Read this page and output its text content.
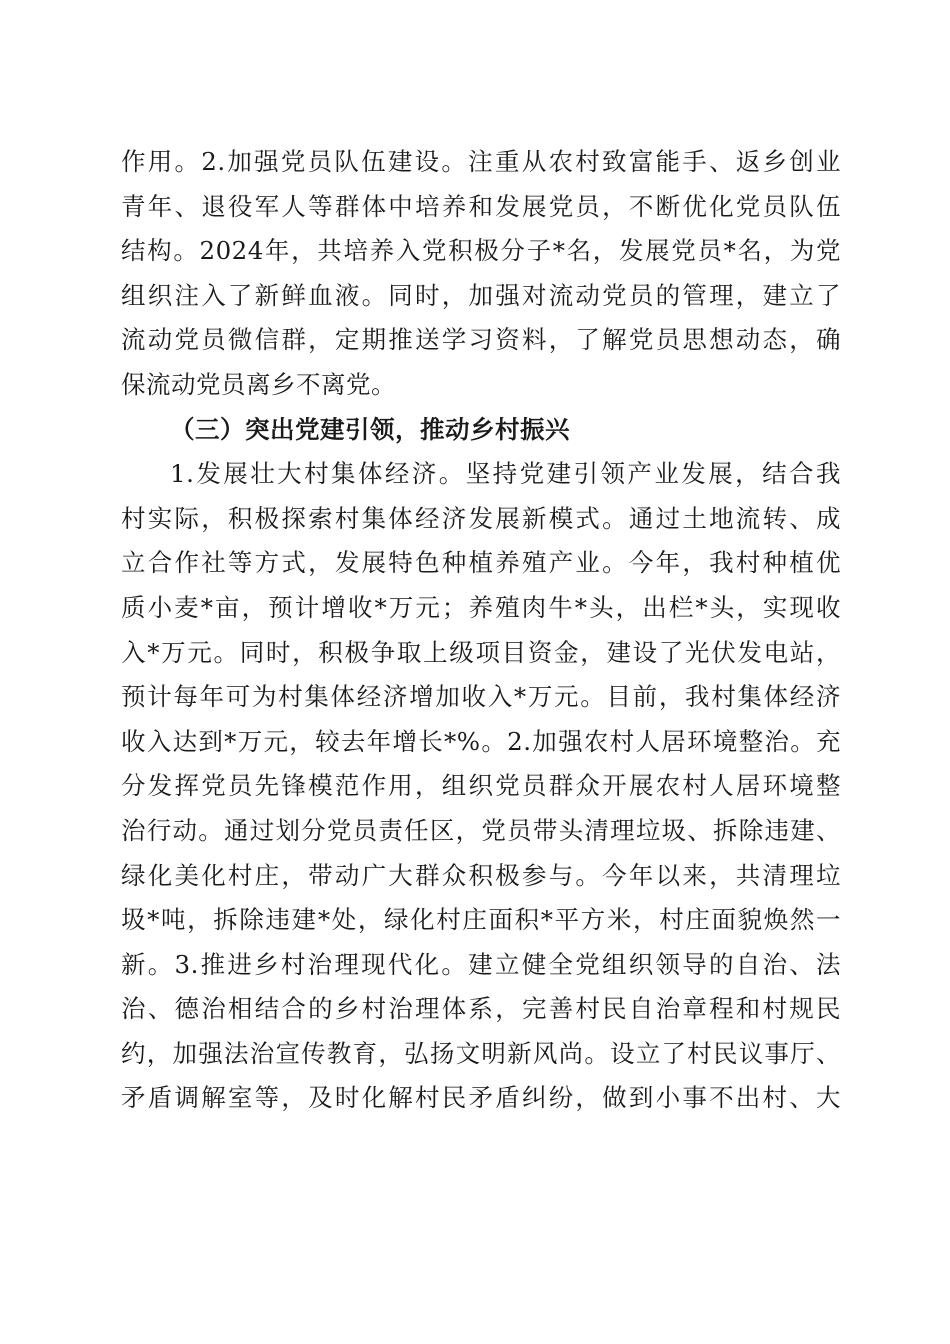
作用。2.加强党员队伍建设。注重从农村致富能手、返乡创业
青年、退役军人等群体中培养和发展党员，不断优化党员队伍
结构。2024年，共培养入党积极分子*名，发展党员*名，为党
组织注入了新鲜血液。同时，加强对流动党员的管理，建立了
流动党员微信群，定期推送学习资料，了解党员思想动态，确
保流动党员离乡不离党。
（三）突出党建引领，推动乡村振兴
1.发展壮大村集体经济。坚持党建引领产业发展，结合我
村实际，积极探索村集体经济发展新模式。通过土地流转、成
立合作社等方式，发展特色种植养殖产业。今年，我村种植优
质小麦*亩，预计增收*万元；养殖肉牛*头，出栏*头，实现收
入*万元。同时，积极争取上级项目资金，建设了光伏发电站，
预计每年可为村集体经济增加收入*万元。目前，我村集体经济
收入达到*万元，较去年增长*%。2.加强农村人居环境整治。充
分发挥党员先锋模范作用，组织党员群众开展农村人居环境整
治行动。通过划分党员责任区，党员带头清理垃圾、拆除违建、
绿化美化村庄，带动广大群众积极参与。今年以来，共清理垃
圾*吨，拆除违建*处，绿化村庄面积*平方米，村庄面貌焕然一
新。3.推进乡村治理现代化。建立健全党组织领导的自治、法
治、德治相结合的乡村治理体系，完善村民自治章程和村规民
约，加强法治宣传教育，弘扬文明新风尚。设立了村民议事厅、
矛盾调解室等，及时化解村民矛盾纠纷，做到小事不出村、大
